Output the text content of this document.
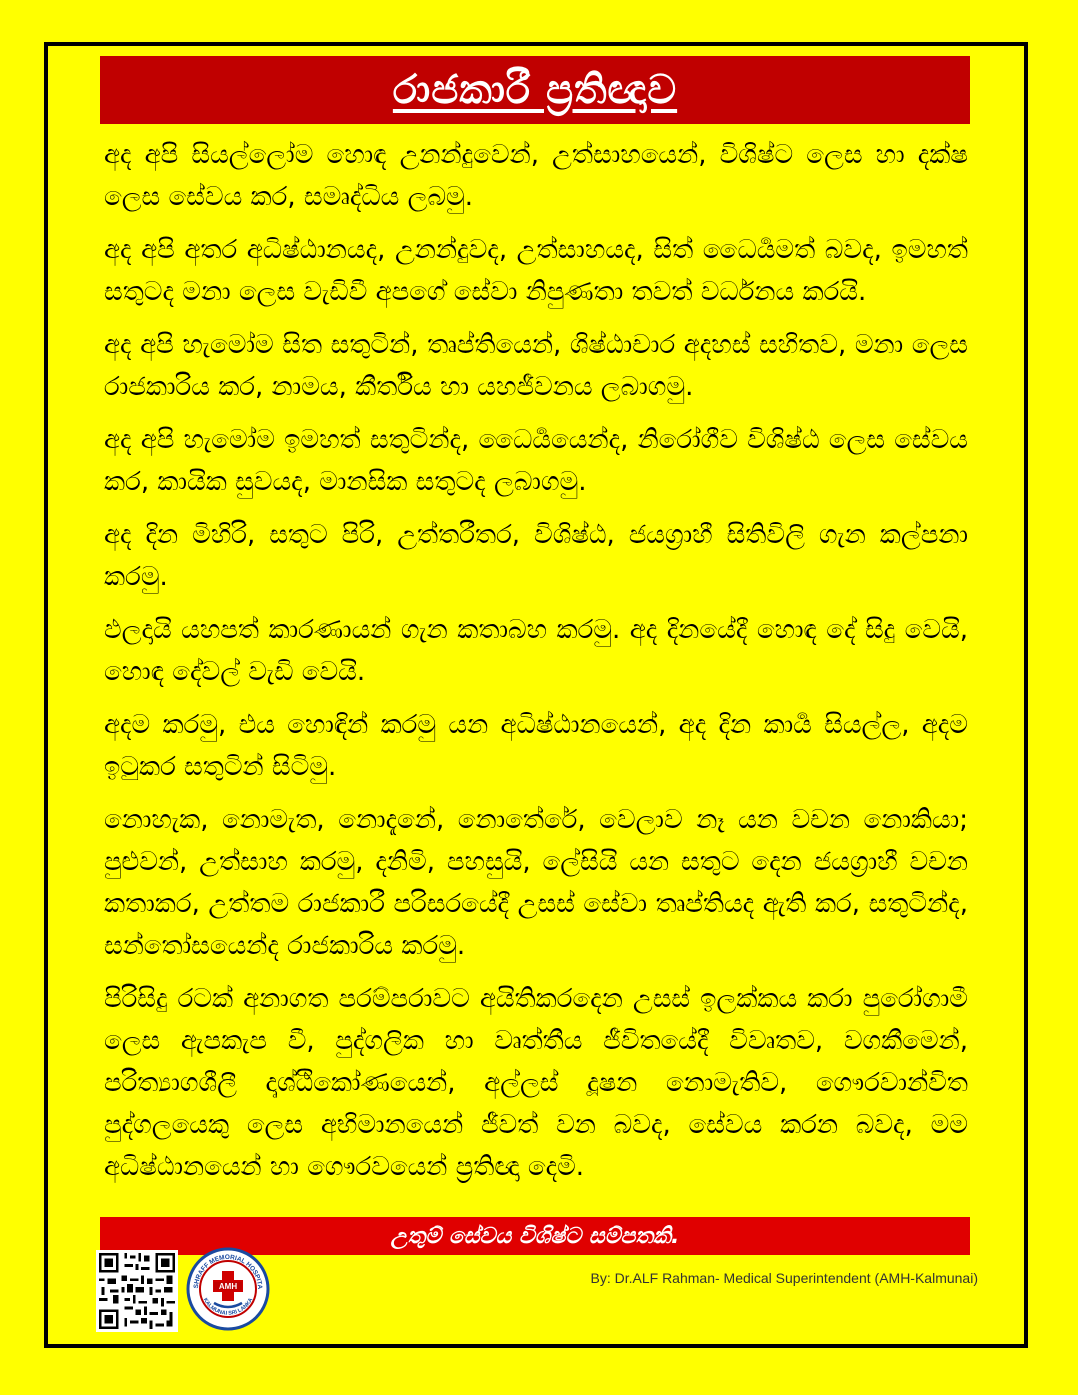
රාජකාරී ප්‍රතිඥාව

අද අපි සියල්ලෝම හොඳ උනන්දුවෙන්, උත්සාහයෙන්, විශිෂ්ට ලෙස හා දක්ෂ ලෙස සේවය කර, සමෘද්ධිය ලබමු.

අද අපි අතර අධිෂ්ඨානයද, උනන්දුවද, උත්සාහයද, සිත් ධෛර්‍යමත් බවද, ඉමහත් සතුටද මනා ලෙස වැඩිවී අපගේ සේවා නිපුණතා තවත් වර්ධනය කරයි.

අද අපි හැමෝම සිත සතුටින්, තෘප්තියෙන්, ශිෂ්ඨාචාර අදහස් සහිතව, මනා ලෙස රාජකාරිය කර, නාමය, කීර්තිය හා යහජීවනය ලබාගමු.

අද අපි හැමෝම ඉමහත් සතුටින්ද, ධෛර්‍යයෙන්ද, නිරෝගීව විශිෂ්ඨ ලෙස සේවය කර, කායික සුවයද, මානසික සතුටද ලබාගමු.

අද දින මිහිරි, සතුට පිරි, උත්තරීතර, විශිෂ්ඨ, ජයග්‍රාහී සිතිවිලි ගැන කල්පනා කරමු.

ඵලදායි යහපත් කාරණායන් ගැන කතාබහ කරමු. අද දිනයේදී හොඳ දේ සිදු වෙයි, හොඳ දේවල් වැඩි වෙයි.

අදම කරමු, එය හොඳින් කරමු යන අධිෂ්ඨානයෙන්, අද දින කාර්‍ය සියල්ල, අදම ඉටුකර සතුටින් සිටිමු.

නොහැක, නොමැත, නොදැනේ, නොතේරේ, වෙලාව නෑ යන වචන නොකියා; පුළුවන්, උත්සාහ කරමු, දනිමි, පහසුයි, ලේසියි යන සතුට දෙන ජයග්‍රාහී වචන කතාකර, උත්තම රාජකාරී පරිසරයේදී උසස් සේවා තෘප්තියද ඇති කර, සතුටින්ද, සන්තෝසයෙන්ද රාජකාරිය කරමු.

පිරිසිදු රටක් අනාගත පරම්පරාවට අයිතිකරදෙන උසස් ඉලක්කය කරා පුරෝගාමී ලෙස ඇපකැප වී, පුද්ගලික හා වෘත්තීය ජීවිතයේදී විවෘතව, වගකීමෙන්, පරිත්‍යාගශීලී දෘශ්ඨිකෝණයෙන්, අල්ලස් දූෂන නොමැතිව, ගෞරවාන්විත පුද්ගලයෙකු ලෙස අභිමානයෙන් ජීවත් වන බවද, සේවය කරන බවද, මම අධිෂ්ඨානයෙන් හා ගෞරවයෙන් ප්‍රතිඥා දෙමි.

උතුම් සේවය විශිෂ්ට සම්පතකි.
SHRAFF MEMORIAL HOSPITA
KALMUNAI SRI LANKA
AMH
By: Dr.ALF Rahman- Medical Superintendent (AMH-Kalmunai)
